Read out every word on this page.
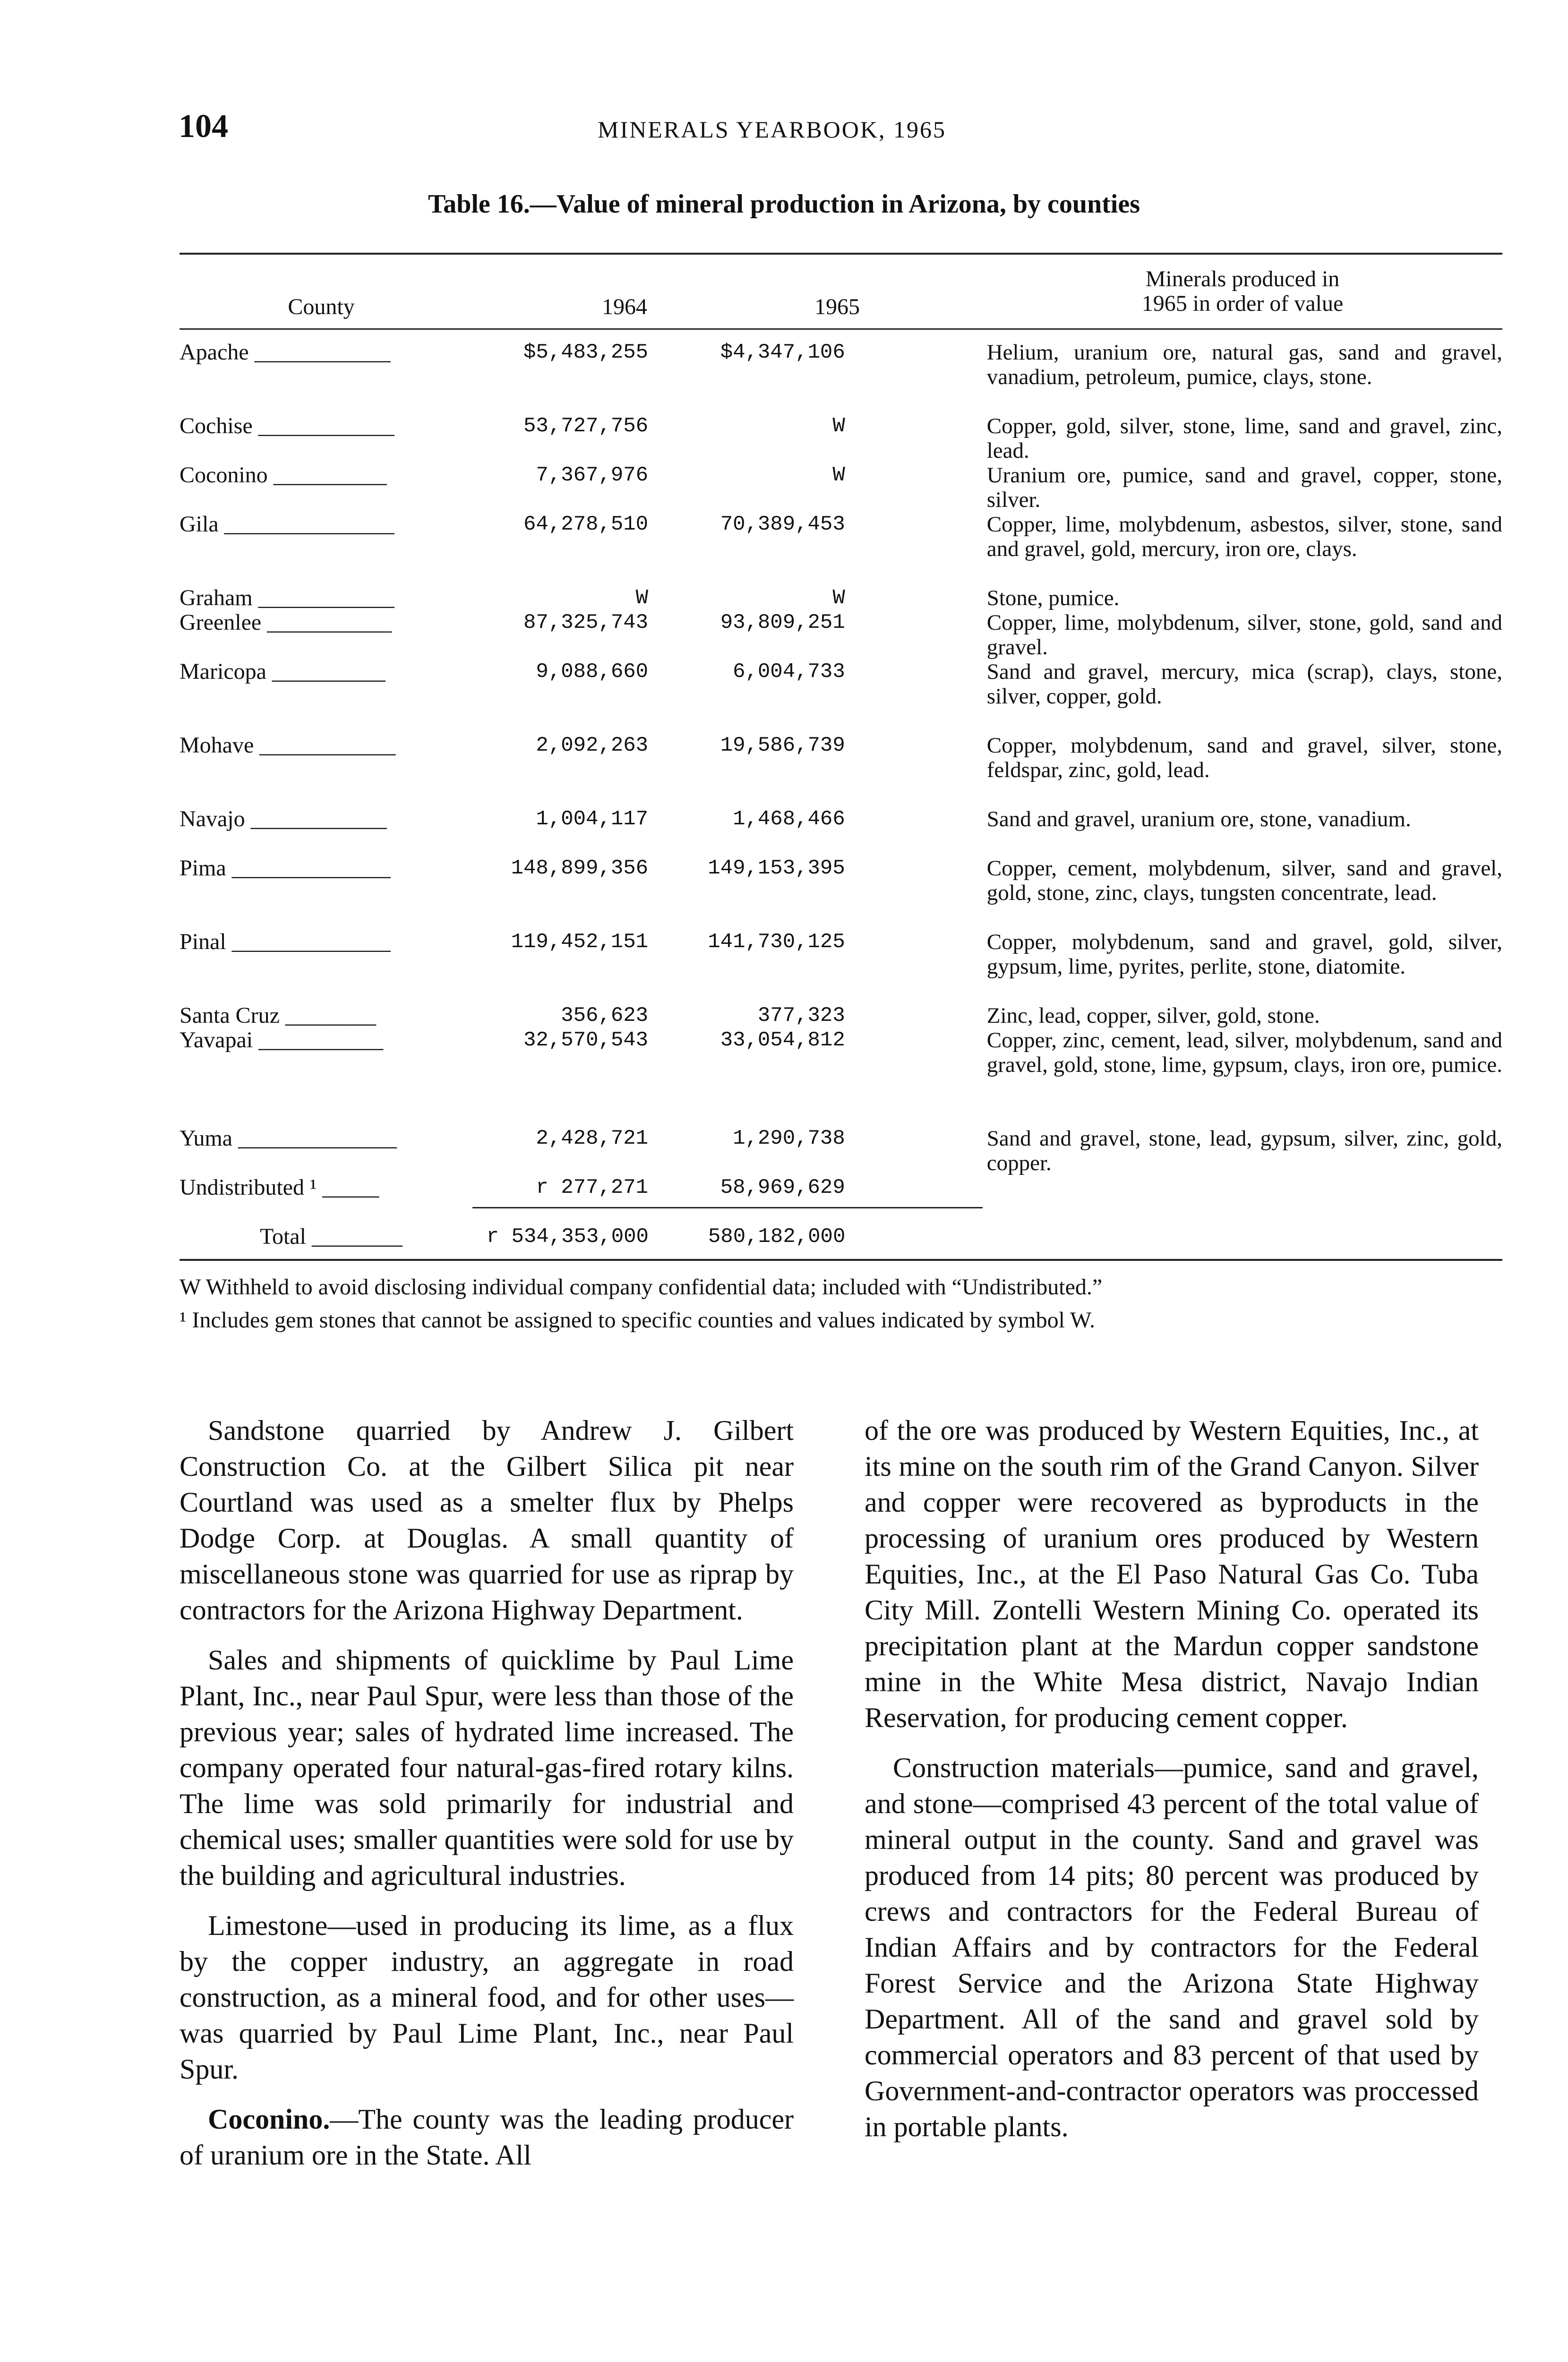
104	MINERALS YEARBOOK, 1965
Table 16.—Value of mineral production in Arizona, by counties
County	1964	1965
Minerals produced in
1965 in order of value
Apache ____________	$5,483,255	$4,347,106	Helium, uranium ore, natural gas, sand and gravel, vanadium, petroleum, pumice, clays, stone.
Cochise ____________	53,727,756	W	Copper, gold, silver, stone, lime, sand and gravel, zinc, lead.
Coconino __________	7,367,976	W	Uranium ore, pumice, sand and gravel, copper, stone, silver.
Gila _______________	64,278,510	70,389,453	Copper, lime, molybdenum, asbestos, silver, stone, sand and gravel, gold, mercury, iron ore, clays.
Graham ____________	W	W	Stone, pumice.
Greenlee ___________	87,325,743	93,809,251	Copper, lime, molybdenum, silver, stone, gold, sand and gravel.
Maricopa __________	9,088,660	6,004,733	Sand and gravel, mercury, mica (scrap), clays, stone, silver, copper, gold.
Mohave ____________	2,092,263	19,586,739	Copper, molybdenum, sand and gravel, silver, stone, feldspar, zinc, gold, lead.
Navajo ____________	1,004,117	1,468,466	Sand and gravel, uranium ore, stone, vanadium.
Pima ______________	148,899,356	149,153,395	Copper, cement, molybdenum, silver, sand and gravel, gold, stone, zinc, clays, tungsten concentrate, lead.
Pinal ______________	119,452,151	141,730,125	Copper, molybdenum, sand and gravel, gold, silver, gypsum, lime, pyrites, perlite, stone, diatomite.
Santa Cruz ________	356,623	377,323	Zinc, lead, copper, silver, gold, stone.
Yavapai ___________	32,570,543	33,054,812	Copper, zinc, cement, lead, silver, molybdenum, sand and gravel, gold, stone, lime, gypsum, clays, iron ore, pumice.
Yuma ______________	2,428,721	1,290,738	Sand and gravel, stone, lead, gypsum, silver, zinc, gold, copper.
Undistributed ¹ _____	r 277,271	58,969,629
Total ________	r 534,353,000	580,182,000

W Withheld to avoid disclosing individual company confidential data; included with “Undistributed.”

¹ Includes gem stones that cannot be assigned to specific counties and values indicated by symbol W.

Sandstone quarried by Andrew J. Gilbert Construction Co. at the Gilbert Silica pit near Courtland was used as a smelter flux by Phelps Dodge Corp. at Douglas. A small quantity of miscellaneous stone was quarried for use as riprap by contractors for the Arizona Highway Department.

Sales and shipments of quicklime by Paul Lime Plant, Inc., near Paul Spur, were less than those of the previous year; sales of hydrated lime increased. The company operated four natural-gas-fired rotary kilns. The lime was sold primarily for industrial and chemical uses; smaller quantities were sold for use by the building and agricultural industries.

Limestone—used in producing its lime, as a flux by the copper industry, an aggregate in road construction, as a mineral food, and for other uses—was quarried by Paul Lime Plant, Inc., near Paul Spur.

Coconino.—The county was the leading producer of uranium ore in the State. All

of the ore was produced by Western Equities, Inc., at its mine on the south rim of the Grand Canyon. Silver and copper were recovered as byproducts in the processing of uranium ores produced by Western Equities, Inc., at the El Paso Natural Gas Co. Tuba City Mill. Zontelli Western Mining Co. operated its precipitation plant at the Mardun copper sandstone mine in the White Mesa district, Navajo Indian Reservation, for producing cement copper.

Construction materials—pumice, sand and gravel, and stone—comprised 43 percent of the total value of mineral output in the county. Sand and gravel was produced from 14 pits; 80 percent was produced by crews and contractors for the Federal Bureau of Indian Affairs and by contractors for the Federal Forest Service and the Arizona State Highway Department. All of the sand and gravel sold by commercial operators and 83 percent of that used by Government-and-contractor operators was proccessed in portable plants.
